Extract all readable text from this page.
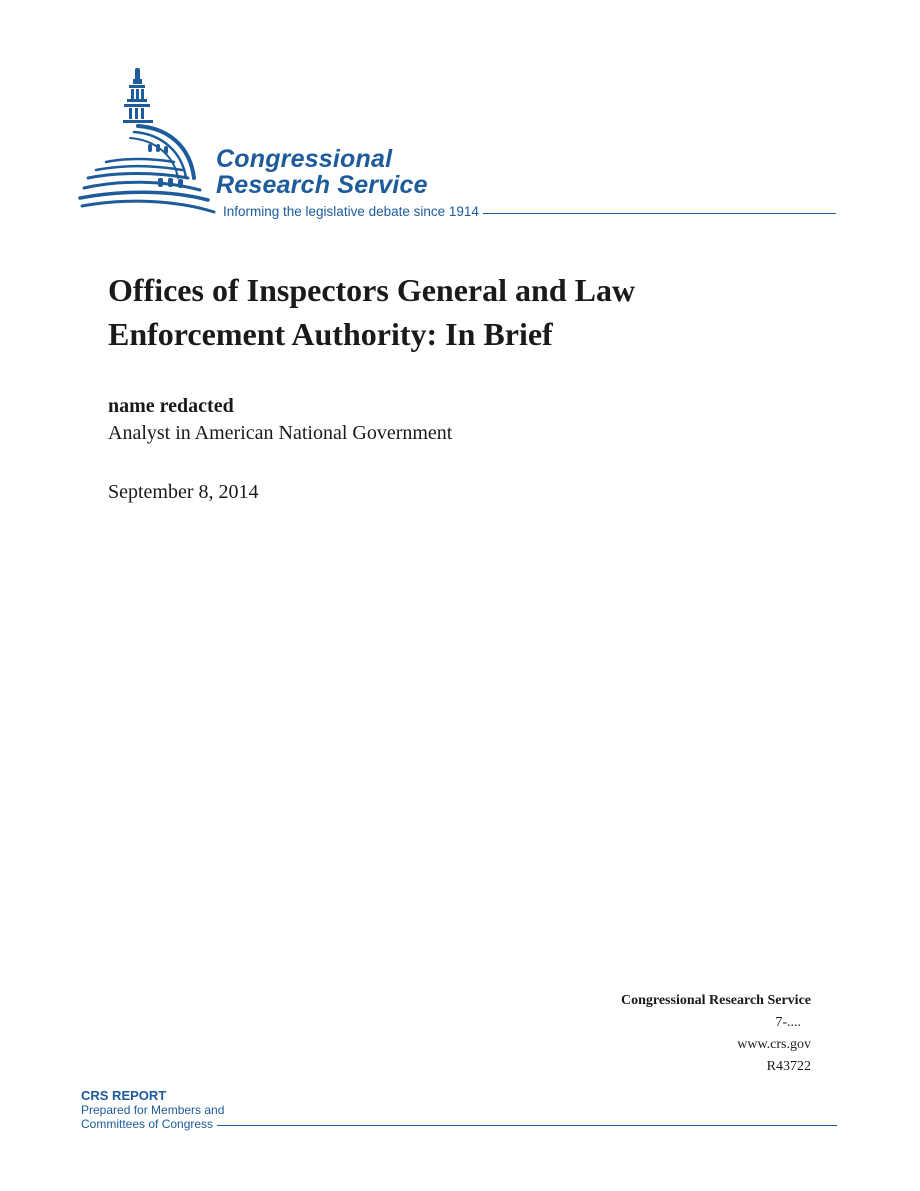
Congressional
Research Service
Informing the legislative debate since 1914
Offices of Inspectors General and Law Enforcement Authority: In Brief
name redacted
Analyst in American National Government
September 8, 2014
Congressional Research Service
7-....
www.crs.gov
R43722
CRS REPORT
Prepared for Members and
Committees of Congress
